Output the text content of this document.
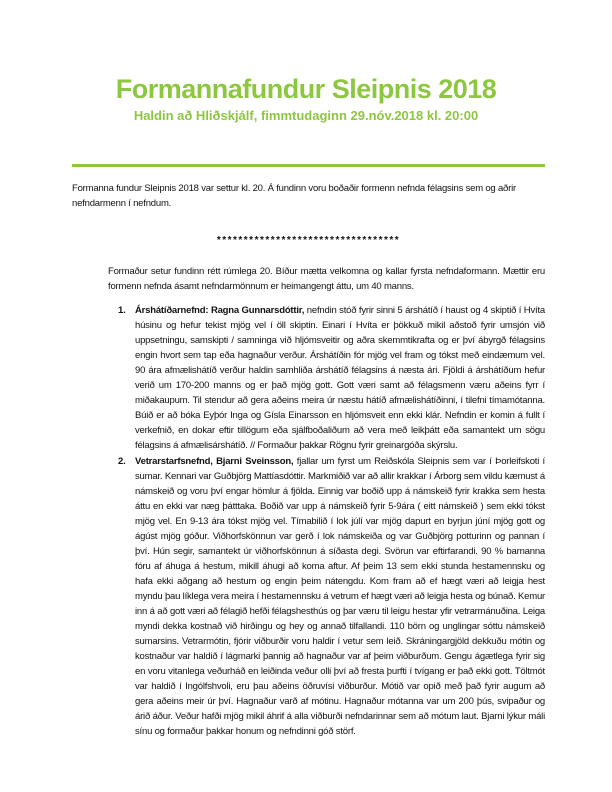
Formannafundur Sleipnis 2018
Haldin að Hliðskjálf, fimmtudaginn 29.nóv.2018 kl. 20:00

Formanna fundur Sleipnis 2018 var settur kl. 20. Á fundinn voru boðaðir formenn nefnda félagsins sem og aðrir nefndarmenn í nefndum.

**********************************

Formaður setur fundinn rétt rúmlega 20. Bíður mætta velkomna og kallar fyrsta nefndaformann. Mættir eru formenn nefnda ásamt nefndarmönnum er heimangengt áttu, um 40 manns.

1. Árshátíðarnefnd: Ragna Gunnarsdóttir, nefndin stóð fyrir sinni 5 árshátíð í haust og 4 skiptið í Hvíta húsinu og hefur tekist mjög vel í öll skiptin. Einari í Hvíta er þökkuð mikil aðstoð fyrir umsjón við uppsetningu, samskipti / samninga við hljómsveitir og aðra skemmtikrafta og er því ábyrgð félagsins engin hvort sem tap eða hagnaður verður. Árshátíðin fór mjög vel fram og tókst með eindæmum vel. 90 ára afmælishátíð verður haldin samhliða árshátíð félagsins á næsta ári. Fjöldi á árshátíðum hefur verið um 170-200 manns og er það mjög gott. Gott væri samt að félagsmenn væru aðeins fyrr í miðakaupum. Til stendur að gera aðeins meira úr næstu hátíð afmælishátíðinni, í tilefni tímamótanna. Búið er að bóka Eyþór Inga og Gísla Einarsson en hljómsveit enn ekki klár. Nefndin er komin á fullt í verkefnið, en dokar eftir tillögum eða sjálfboðaliðum að vera með leikþátt eða samantekt um sögu félagsins á afmælisárshátíð. // Formaður þakkar Rögnu fyrir greinargóða skýrslu.
2. Vetrarstarfsnefnd, Bjarni Sveinsson, fjallar um fyrst um Reiðskóla Sleipnis sem var í Þorleifskoti í sumar. Kennari var Guðbjörg Mattíasdóttir. Markmiðið var að allir krakkar í Árborg sem vildu kæmust á námskeið og voru því engar hömlur á fjölda. Einnig var boðið upp á námskeið fyrir krakka sem hesta áttu en ekki var næg þátttaka. Boðið var upp á námskeið fyrir 5-9ára ( eitt námskeið ) sem ekki tókst mjög vel. En 9-13 ára tókst mjög vel. Tímabilið í lok júlí var mjög dapurt en byrjun júní mjög gott og ágúst mjög góður. Viðhorfskönnun var gerð í lok námskeiða og var Guðbjörg potturinn og pannan í því. Hún segir, samantekt úr viðhorfskönnun á síðasta degi. Svörun var eftirfarandi. 90 % barnanna fóru af áhuga á hestum, mikill áhugi að koma aftur. Af þeim 13 sem ekki stunda hestamennsku og hafa ekki aðgang að hestum og engin þeim nátengdu. Kom fram að ef hægt væri að leigja hest myndu þau líklega vera meira í hestamennsku á vetrum ef hægt væri að leigja hesta og búnað. Kemur inn á að gott væri að félagið hefði félagshesthús og þar væru til leigu hestar yfir vetrarmánuðina. Leiga myndi dekka kostnað við hirðingu og hey og annað tilfallandi. 110 börn og unglingar sóttu námskeið sumarsins. Vetrarmótin, fjórir viðburðir voru haldir í vetur sem leið. Skráningargjöld dekkuðu mótin og kostnaður var haldið í lágmarki þannig að hagnaður var af þeim viðburðum. Gengu ágætlega fyrir sig en voru vitanlega veðurháð en leiðinda veður olli því að fresta þurfti í tvígang er það ekki gott. Töltmót var haldið í Ingólfshvoli, eru þau aðeins öðruvísi viðburður. Mótið var opið með það fyrir augum að gera aðeins meir úr því. Hagnaður varð af mótinu. Hagnaður mótanna var um 200 þús, svipaður og árið áður. Veður hafði mjög mikil áhrif á alla viðburði nefndarinnar sem að mótum laut. Bjarni lýkur máli sínu og formaður þakkar honum og nefndinni góð störf.
